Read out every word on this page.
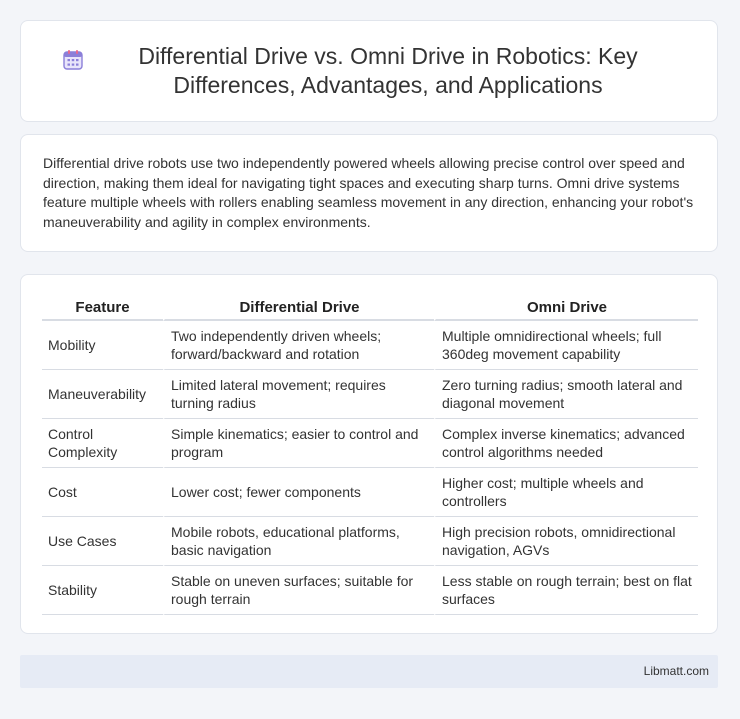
Differential Drive vs. Omni Drive in Robotics: Key Differences, Advantages, and Applications

Differential drive robots use two independently powered wheels allowing precise control over speed and direction, making them ideal for navigating tight spaces and executing sharp turns. Omni drive systems feature multiple wheels with rollers enabling seamless movement in any direction, enhancing your robot's maneuverability and agility in complex environments.

Feature	Differential Drive	Omni Drive
Mobility	Two independently driven wheels; forward/backward and rotation	Multiple omnidirectional wheels; full 360deg movement capability
Maneuverability	Limited lateral movement; requires turning radius	Zero turning radius; smooth lateral and diagonal movement
Control Complexity	Simple kinematics; easier to control and program	Complex inverse kinematics; advanced control algorithms needed
Cost	Lower cost; fewer components	Higher cost; multiple wheels and controllers
Use Cases	Mobile robots, educational platforms, basic navigation	High precision robots, omnidirectional navigation, AGVs
Stability	Stable on uneven surfaces; suitable for rough terrain	Less stable on rough terrain; best on flat surfaces
Libmatt.com
